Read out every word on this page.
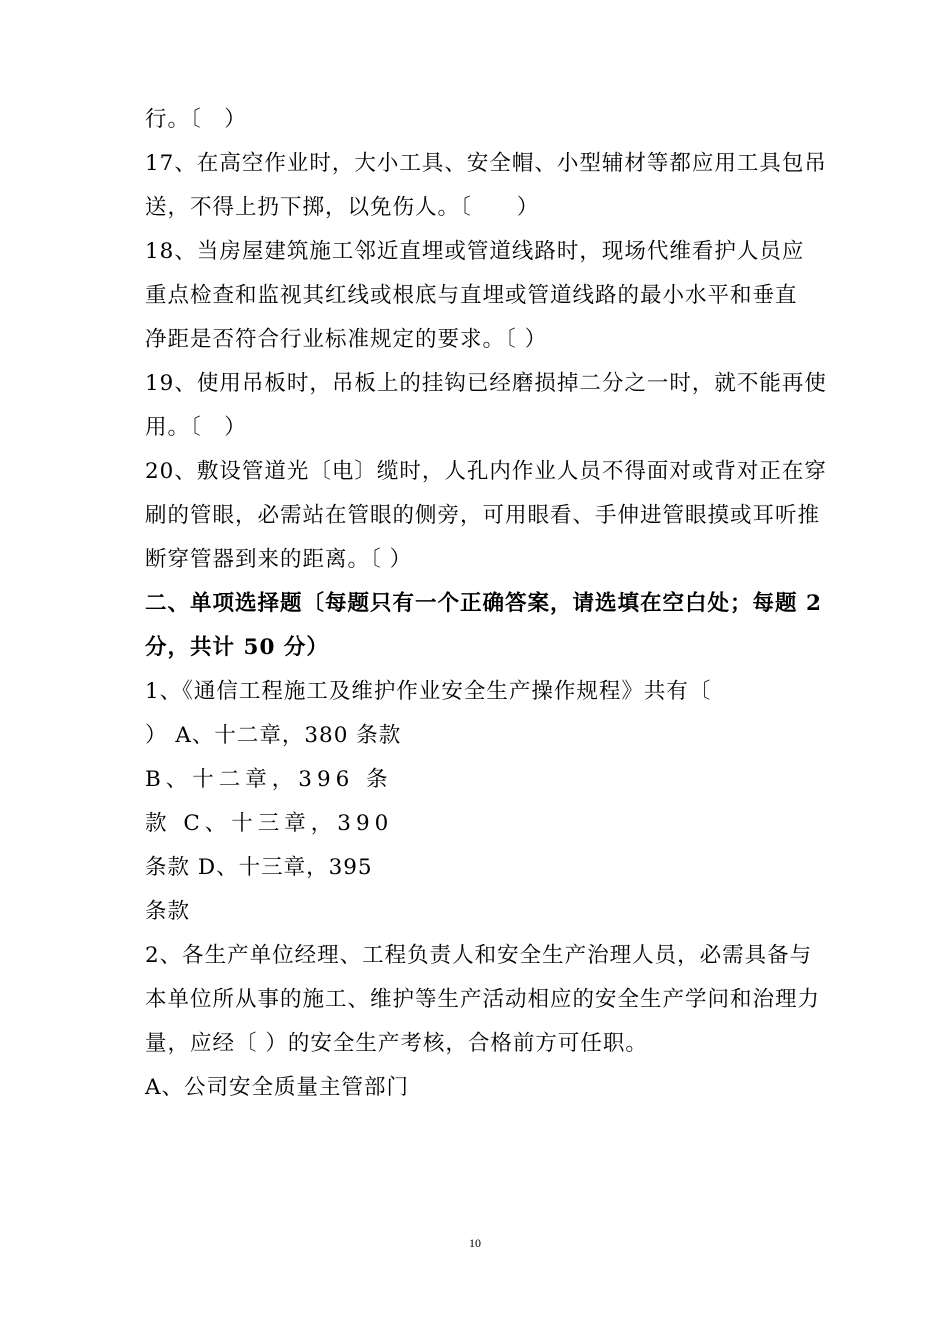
行。〔　）
17、在高空作业时，大小工具、安全帽、小型辅材等都应用工具包吊
送，不得上扔下掷，以免伤人。〔　　）
18、当房屋建筑施工邻近直埋或管道线路时，现场代维看护人员应
重点检查和监视其红线或根底与直埋或管道线路的最小水平和垂直
净距是否符合行业标准规定的要求。〔 ）
19、使用吊板时，吊板上的挂钩已经磨损掉二分之一时，就不能再使
用。〔　）
20、敷设管道光〔电〕缆时，人孔内作业人员不得面对或背对正在穿
刷的管眼，必需站在管眼的侧旁，可用眼看、手伸进管眼摸或耳听推
断穿管器到来的距离。〔 ）
二、单项选择题〔每题只有一个正确答案，请选填在空白处；每题 2
分，共计 50 分）
1、《通信工程施工及维护作业安全生产操作规程》共有〔
） A、十二章，380 条款
B、十二章，396 条
款 C、十三章，390
条款 D、十三章，395
条款
2、各生产单位经理、工程负责人和安全生产治理人员，必需具备与
本单位所从事的施工、维护等生产活动相应的安全生产学问和治理力
量，应经〔 ）的安全生产考核，合格前方可任职。
A、公司安全质量主管部门
10
